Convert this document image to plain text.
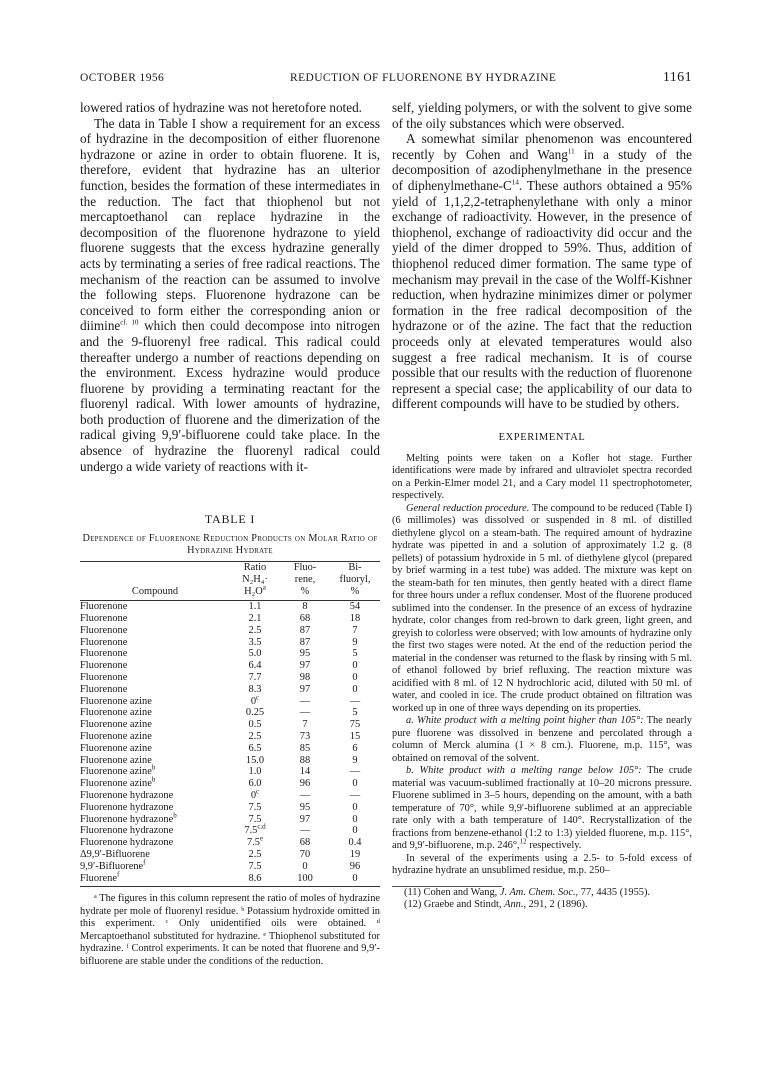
OCTOBER 1956	REDUCTION OF FLUORENONE BY HYDRAZINE	1161

lowered ratios of hydrazine was not heretofore noted.

The data in Table I show a requirement for an excess of hydrazine in the decomposition of either fluorenone hydrazone or azine in order to obtain fluorene. It is, therefore, evident that hydrazine has an ulterior function, besides the formation of these intermediates in the reduction. The fact that thiophenol but not mercaptoethanol can replace hydrazine in the decomposition of the fluorenone hydrazone to yield fluorene suggests that the excess hydrazine generally acts by terminating a series of free radical reactions. The mechanism of the reaction can be assumed to involve the following steps. Fluorenone hydrazone can be conceived to form either the corresponding anion or diimine$^{cf. 10}$ which then could decompose into nitrogen and the 9-fluorenyl free radical. This radical could thereafter undergo a number of reactions depending on the environment. Excess hydrazine would produce fluorene by providing a terminating reactant for the fluorenyl radical. With lower amounts of hydrazine, both production of fluorene and the dimerization of the radical giving 9,9′-bifluorene could take place. In the absence of hydrazine the fluorenyl radical could undergo a wide variety of reactions with it-

TABLE I
Dependence of Fluorenone Reduction Products on Molar Ratio of Hydrazine Hydrate

	Ratio	Fluo-	Bi-
	N₂H₄·	rene,	fluoryl,
Compound	$H_2O^a$	%	%
Fluorenone	1.1	8	54
Fluorenone	2.1	68	18
Fluorenone	2.5	87	7
Fluorenone	3.5	87	9
Fluorenone	5.0	95	5
Fluorenone	6.4	97	0
Fluorenone	7.7	98	0
Fluorenone	8.3	97	0
Fluorenone azine	0$^c$	—	—
Fluorenone azine	0.25	—	5
Fluorenone azine	0.5	7	75
Fluorenone azine	2.5	73	15
Fluorenone azine	6.5	85	6
Fluorenone azine	15.0	88	9
Fluorenone azine$^b$	1.0	14	—
Fluorenone azine$^b$	6.0	96	0
Fluorenone hydrazone	0$^c$	—	—
Fluorenone hydrazone	7.5	95	0
Fluorenone hydrazone$^b$	7.5	97	0
Fluorenone hydrazone	7.5$^{c,d}$	—	0
Fluorenone hydrazone	7.5e	68	0.4
Δ9,9′-Bifluorene	2.5	70	19
9,9′-Bifluorene$^f$	7.5	0	96
Fluorene$^f$	8.6	100	0

ᵃ The figures in this column represent the ratio of moles of hydrazine hydrate per mole of fluorenyl residue. ᵇ Potassium hydroxide omitted in this experiment. ᶜ Only unidentified oils were obtained. ᵈ Mercaptoethanol substituted for hydrazine. ᵉ Thiophenol substituted for hydrazine. ᶠ Control experiments. It can be noted that fluorene and 9,9′-bifluorene are stable under the conditions of the reduction.

self, yielding polymers, or with the solvent to give some of the oily substances which were observed.

A somewhat similar phenomenon was encountered recently by Cohen and Wang$^{11}$ in a study of the decomposition of azodiphenylmethane in the presence of diphenylmethane-$C^{14}$. These authors obtained a 95% yield of 1,1,2,2-tetraphenylethane with only a minor exchange of radioactivity. However, in the presence of thiophenol, exchange of radioactivity did occur and the yield of the dimer dropped to 59%. Thus, addition of thiophenol reduced dimer formation. The same type of mechanism may prevail in the case of the Wolff-Kishner reduction, when hydrazine minimizes dimer or polymer formation in the free radical decomposition of the hydrazone or of the azine. The fact that the reduction proceeds only at elevated temperatures would also suggest a free radical mechanism. It is of course possible that our results with the reduction of fluorenone represent a special case; the applicability of our data to different compounds will have to be studied by others.

EXPERIMENTAL

Melting points were taken on a Kofler hot stage. Further identifications were made by infrared and ultraviolet spectra recorded on a Perkin-Elmer model 21, and a Cary model 11 spectrophotometer, respectively.

General reduction procedure. The compound to be reduced (Table I) (6 millimoles) was dissolved or suspended in 8 ml. of distilled diethylene glycol on a steam-bath. The required amount of hydrazine hydrate was pipetted in and a solution of approximately 1.2 g. (8 pellets) of potassium hydroxide in 5 ml. of diethylene glycol (prepared by brief warming in a test tube) was added. The mixture was kept on the steam-bath for ten minutes, then gently heated with a direct flame for three hours under a reflux condenser. Most of the fluorene produced sublimed into the condenser. In the presence of an excess of hydrazine hydrate, color changes from red-brown to dark green, light green, and greyish to colorless were observed; with low amounts of hydrazine only the first two stages were noted. At the end of the reduction period the material in the condenser was returned to the flask by rinsing with 5 ml. of ethanol followed by brief refluxing. The reaction mixture was acidified with 8 ml. of 12 N hydrochloric acid, diluted with 50 ml. of water, and cooled in ice. The crude product obtained on filtration was worked up in one of three ways depending on its properties.

a. White product with a melting point higher than 105°: The nearly pure fluorene was dissolved in benzene and percolated through a column of Merck alumina (1 × 8 cm.). Fluorene, m.p. 115°, was obtained on removal of the solvent.

b. White product with a melting range below 105°: The crude material was vacuum-sublimed fractionally at 10–20 microns pressure. Fluorene sublimed in 3–5 hours, depending on the amount, with a bath temperature of 70°, while 9,9′-bifluorene sublimed at an appreciable rate only with a bath temperature of 140°. Recrystallization of the fractions from benzene-ethanol (1:2 to 1:3) yielded fluorene, m.p. 115°, and 9,9′-bifluorene, m.p. 246°,$^{12}$ respectively.

In several of the experiments using a 2.5- to 5-fold excess of hydrazine hydrate an unsublimed residue, m.p. 250–

(11) Cohen and Wang, J. Am. Chem. Soc., 77, 4435 (1955).

(12) Graebe and Stindt, Ann., 291, 2 (1896).
